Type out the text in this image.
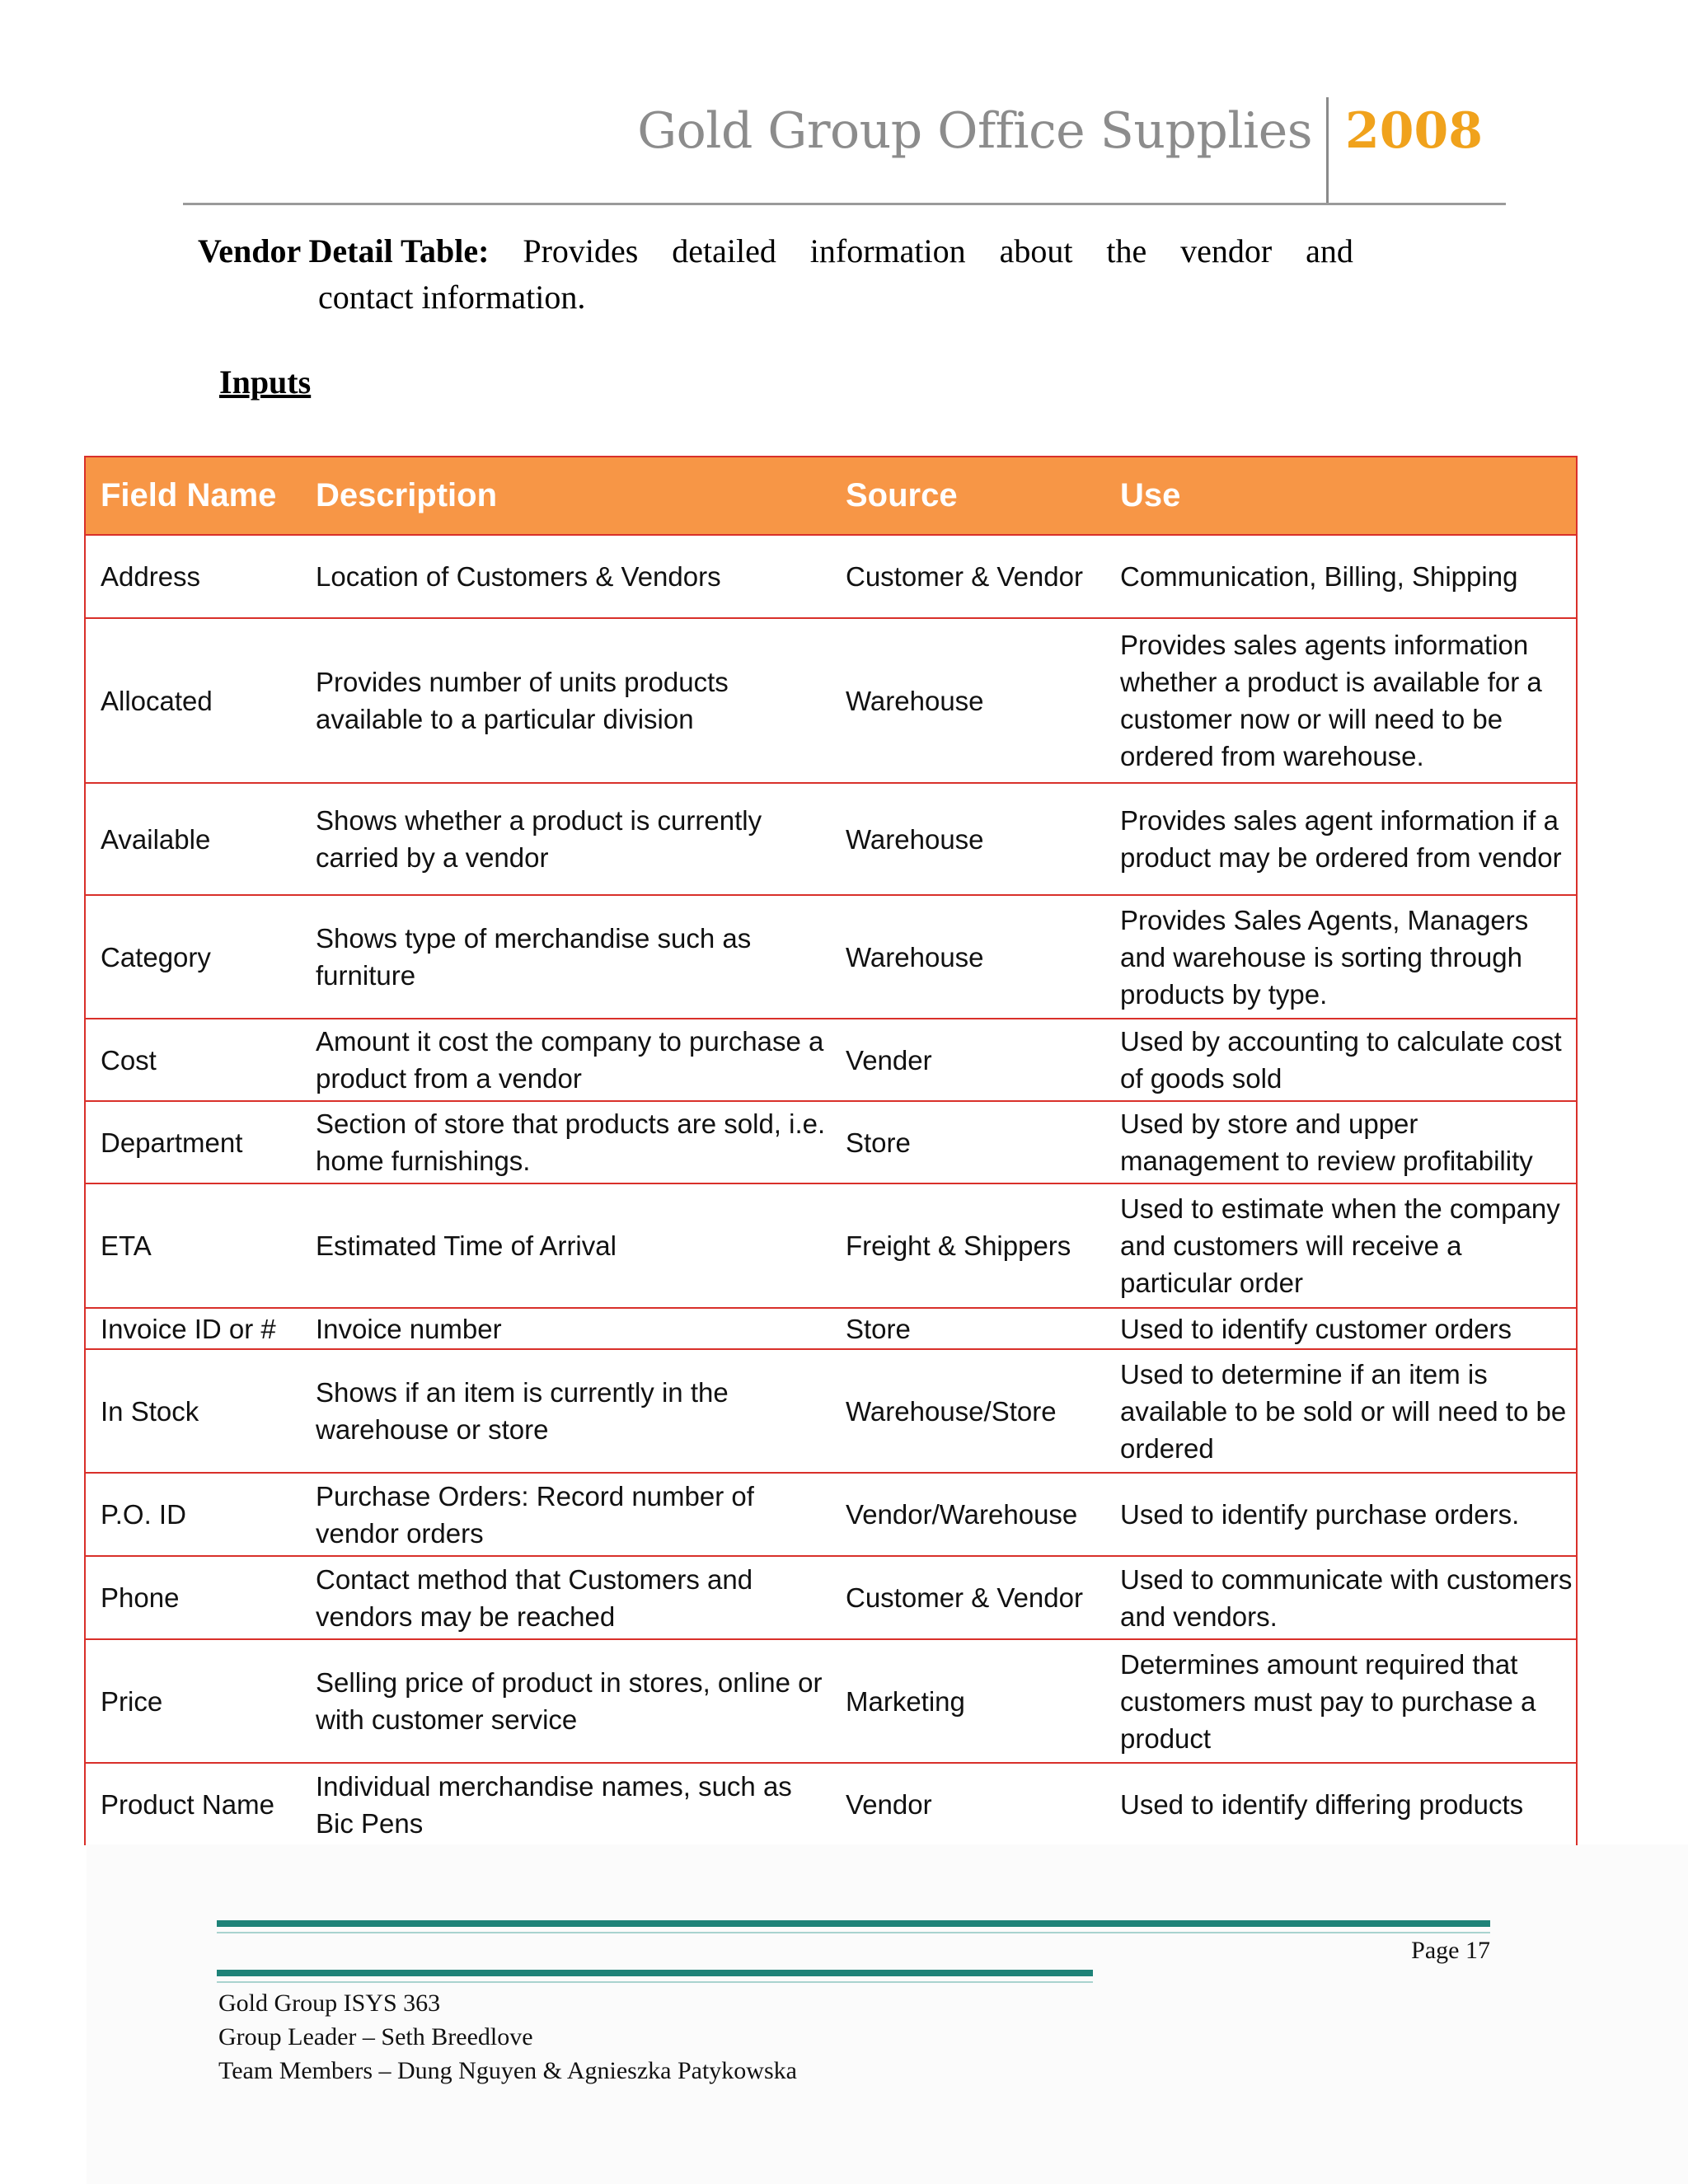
Gold Group Office Supplies 2008
Vendor Detail Table: Provides detailed information about the vendor and
contact information.
Inputs
Field Name	Description	Source	Use
Address	Location of Customers & Vendors	Customer & Vendor	Communication, Billing, Shipping
Allocated	Provides number of units products available to a particular division	Warehouse	Provides sales agents information whether a product is available for a customer now or will need to be ordered from warehouse.
Available	Shows whether a product is currently carried by a vendor	Warehouse	Provides sales agent information if a product may be ordered from vendor
Category	Shows type of merchandise such as furniture	Warehouse	Provides Sales Agents, Managers and warehouse is sorting through products by type.
Cost	Amount it cost the company to purchase a product from a vendor	Vender	Used by accounting to calculate cost of goods sold
Department	Section of store that products are sold, i.e. home furnishings.	Store	Used by store and upper management to review profitability
ETA	Estimated Time of Arrival	Freight & Shippers	Used to estimate when the company and customers will receive a particular order
Invoice ID or #	Invoice number	Store	Used to identify customer orders
In Stock	Shows if an item is currently in the warehouse or store	Warehouse/Store	Used to determine if an item is available to be sold or will need to be ordered
P.O. ID	Purchase Orders: Record number of vendor orders	Vendor/Warehouse	Used to identify purchase orders.
Phone	Contact method that Customers and vendors may be reached	Customer & Vendor	Used to communicate with customers and vendors.
Price	Selling price of product in stores, online or with customer service	Marketing	Determines amount required that customers must pay to purchase a product
Product Name	Individual merchandise names, such as Bic Pens	Vendor	Used to identify differing products
Page 17
Gold Group ISYS 363
Group Leader – Seth Breedlove
Team Members – Dung Nguyen & Agnieszka Patykowska
